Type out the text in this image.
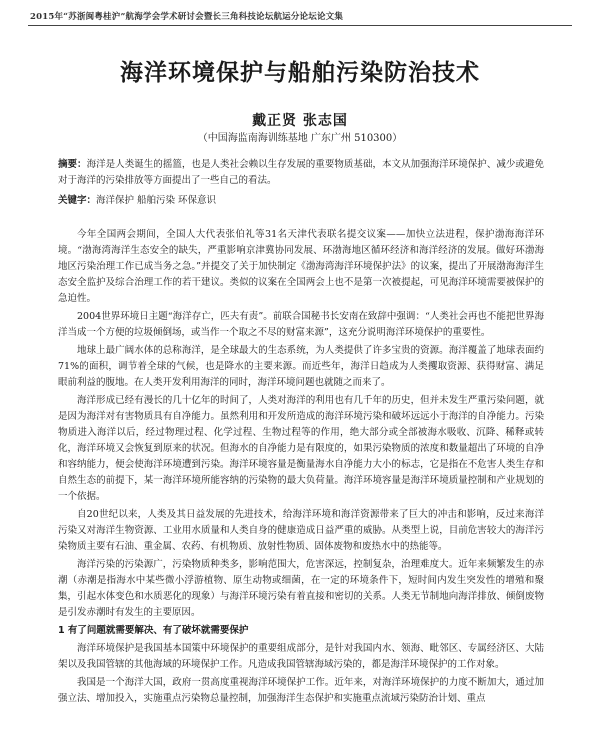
2015年“苏浙闽粤桂沪”航海学会学术研讨会暨长三角科技论坛航运分论坛论文集
海洋环境保护与船舶污染防治技术
戴正贤 张志国
（中国海监南海训练基地 广东广州 510300）
摘要：海洋是人类诞生的摇篮，也是人类社会赖以生存发展的重要物质基础，本文从加强海洋环境保护、减少或避免对于海洋的污染排放等方面提出了一些自己的看法。
关键字：海洋保护 船舶污染 环保意识

今年全国两会期间，全国人大代表张伯礼等31名天津代表联名提交议案——加快立法进程，保护渤海海洋环境。“渤海湾海洋生态安全的缺失，严重影响京津冀协同发展、环渤海地区循环经济和海洋经济的发展。做好环渤海地区污染治理工作已成当务之急。”并提交了关于加快制定《渤海湾海洋环境保护法》的议案，提出了开展渤海海洋生态安全监护及综合治理工作的若干建议。类似的议案在全国两会上也不是第一次被提起，可见海洋环境需要被保护的急迫性。

2004世界环境日主题“海洋存亡，匹夫有责”。前联合国秘书长安南在致辞中强调：“人类社会再也不能把世界海洋当成一个方便的垃圾倾倒场，或当作一个取之不尽的财富来源”，这充分说明海洋环境保护的重要性。

地球上最广阔水体的总称海洋，是全球最大的生态系统，为人类提供了许多宝贵的资源。海洋覆盖了地球表面约71%的面积，调节着全球的气候，也是降水的主要来源。而近些年，海洋日趋成为人类攫取资源、获得财富、满足眼前利益的腹地。在人类开发利用海洋的同时，海洋环境问题也就随之而来了。

海洋形成已经有漫长的几十亿年的时间了，人类对海洋的利用也有几千年的历史，但并未发生严重污染问题，就是因为海洋对有害物质具有自净能力。虽然利用和开发所造成的海洋环境污染和破坏远远小于海洋的自净能力。污染物质进入海洋以后，经过物理过程、化学过程、生物过程等的作用，绝大部分或全部被海水吸收、沉降、稀释或转化，海洋环境又会恢复到原来的状况。但海水的自净能力是有限度的，如果污染物质的浓度和数量超出了环境的自净和容纳能力，便会使海洋环境遭到污染。海洋环境容量是衡量海水自净能力大小的标志，它是指在不危害人类生存和自然生态的前提下，某一海洋环境所能容纳的污染物的最大负荷量。海洋环境容量是海洋环境质量控制和产业规划的一个依据。

自20世纪以来，人类及其日益发展的先进技术，给海洋环境和海洋资源带来了巨大的冲击和影响，反过来海洋污染又对海洋生物资源、工业用水质量和人类自身的健康造成日益严重的威胁。从类型上说，目前危害较大的海洋污染物质主要有石油、重金属、农药、有机物质、放射性物质、固体废物和废热水中的热能等。

海洋污染的污染源广，污染物质种类多，影响范围大，危害深远，控制复杂，治理难度大。近年来频繁发生的赤潮（赤潮是指海水中某些微小浮游植物、原生动物或细菌，在一定的环境条件下，短时间内发生突发性的增殖和聚集，引起水体变色和水质恶化的现象）与海洋环境污染有着直接和密切的关系。人类无节制地向海洋排放、倾倒废物是引发赤潮时有发生的主要原因。

1 有了问题就需要解决、有了破坏就需要保护

海洋环境保护是我国基本国策中环境保护的重要组成部分，是针对我国内水、领海、毗邻区、专属经济区、大陆架以及我国管辖的其他海域的环境保护工作。凡造成我国管辖海域污染的，都是海洋环境保护的工作对象。

我国是一个海洋大国，政府一贯高度重视海洋环境保护工作。近年来，对海洋环境保护的力度不断加大，通过加强立法、增加投入，实施重点污染物总量控制，加强海洋生态保护和实施重点流域污染防治计划、重点
